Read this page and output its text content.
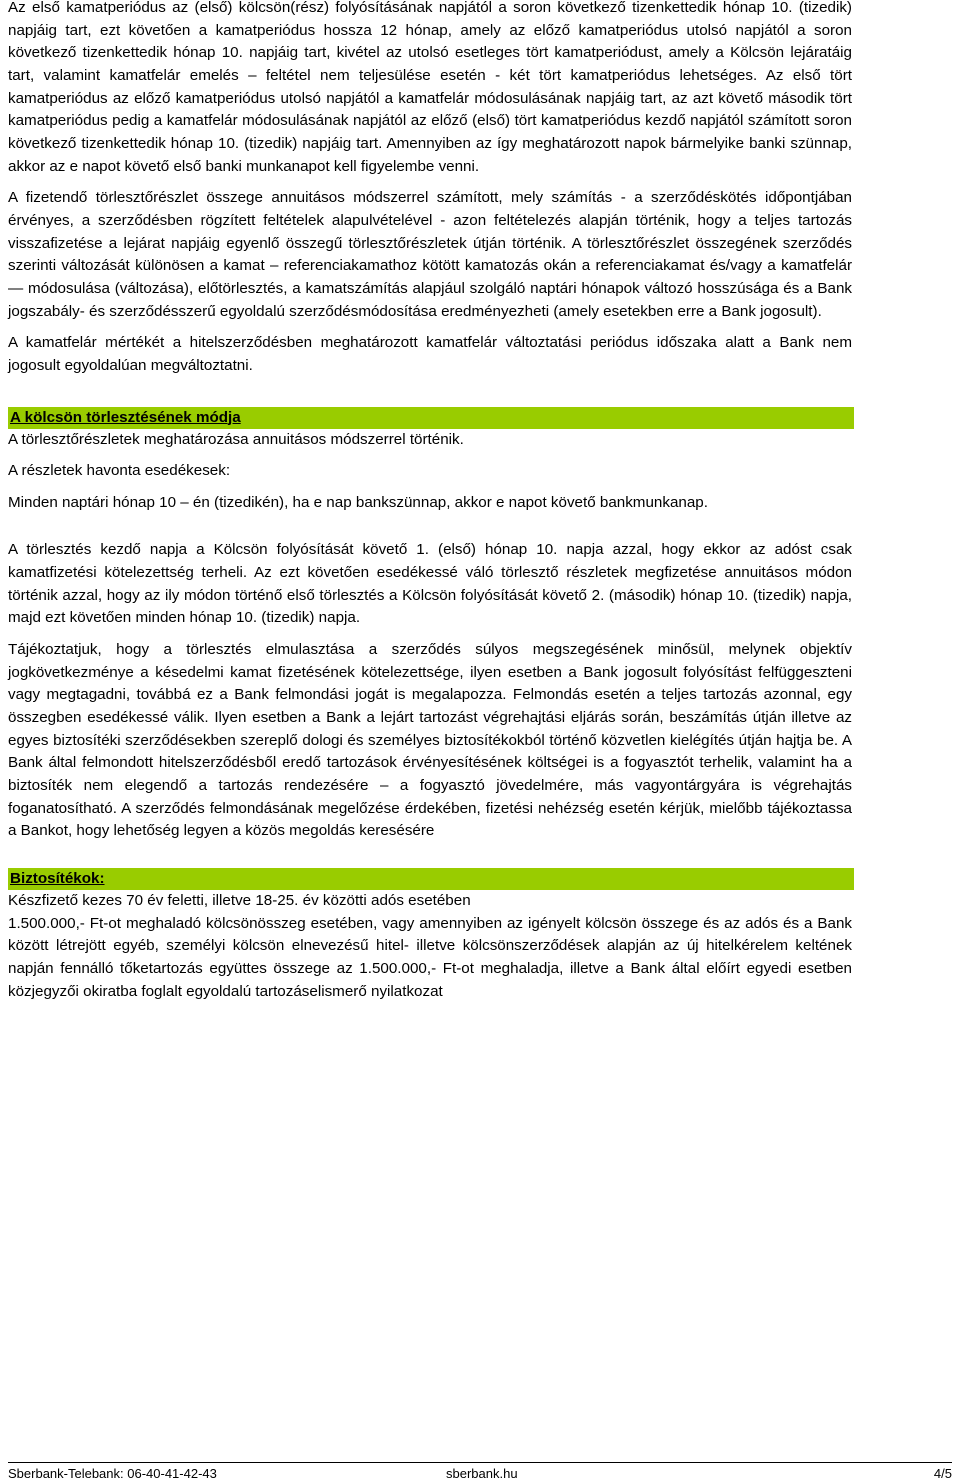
Az első kamatperiódus az (első) kölcsön(rész) folyósításának napjától a soron következő tizenkettedik hónap 10. (tizedik) napjáig tart, ezt követően a kamatperiódus hossza 12 hónap, amely az előző kamatperiódus utolsó napjától a soron következő tizenkettedik hónap 10. napjáig tart, kivétel az utolsó esetleges tört kamatperiódust, amely a Kölcsön lejáratáig tart, valamint kamatfelár emelés – feltétel nem teljesülése esetén - két tört kamatperiódus lehetséges. Az első tört kamatperiódus az előző kamatperiódus utolsó napjától a kamatfelár módosulásának napjáig tart, az azt követő második tört kamatperiódus pedig a kamatfelár módosulásának napjától az előző (első) tört kamatperiódus kezdő napjától számított soron következő tizenkettedik hónap 10. (tizedik) napjáig tart. Amennyiben az így meghatározott napok bármelyike banki szünnap, akkor az e napot követő első banki munkanapot kell figyelembe venni.

A fizetendő törlesztőrészlet összege annuitásos módszerrel számított, mely számítás - a szerződéskötés időpontjában érvényes, a szerződésben rögzített feltételek alapulvételével - azon feltételezés alapján történik, hogy a teljes tartozás visszafizetése a lejárat napjáig egyenlő összegű törlesztőrészletek útján történik. A törlesztőrészlet összegének szerződés szerinti változását különösen a kamat – referenciakamathoz kötött kamatozás okán a referenciakamat és/vagy a kamatfelár — módosulása (változása), előtörlesztés, a kamatszámítás alapjául szolgáló naptári hónapok változó hosszúsága és a Bank jogszabály- és szerződésszerű egyoldalú szerződésmódosítása eredményezheti (amely esetekben erre a Bank jogosult).

A kamatfelár mértékét a hitelszerződésben meghatározott kamatfelár változtatási periódus időszaka alatt a Bank nem jogosult egyoldalúan megváltoztatni.

A kölcsön törlesztésének módja

A törlesztőrészletek meghatározása annuitásos módszerrel történik.

A részletek havonta esedékesek:

Minden naptári hónap 10 – én (tizedikén), ha e nap bankszünnap, akkor e napot követő bankmunkanap.

A törlesztés kezdő napja a Kölcsön folyósítását követő 1. (első) hónap 10. napja azzal, hogy ekkor az adóst csak kamatfizetési kötelezettség terheli. Az ezt követően esedékessé váló törlesztő részletek megfizetése annuitásos módon történik azzal, hogy az ily módon történő első törlesztés a Kölcsön folyósítását követő 2. (második) hónap 10. (tizedik) napja, majd ezt követően minden hónap 10. (tizedik) napja.

Tájékoztatjuk, hogy a törlesztés elmulasztása a szerződés súlyos megszegésének minősül, melynek objektív jogkövetkezménye a késedelmi kamat fizetésének kötelezettsége, ilyen esetben a Bank jogosult folyósítást felfüggeszteni vagy megtagadni, továbbá ez a Bank felmondási jogát is megalapozza. Felmondás esetén a teljes tartozás azonnal, egy összegben esedékessé válik. Ilyen esetben a Bank a lejárt tartozást végrehajtási eljárás során, beszámítás útján illetve az egyes biztosítéki szerződésekben szereplő dologi és személyes biztosítékokból történő közvetlen kielégítés útján hajtja be. A Bank által felmondott hitelszerződésből eredő tartozások érvényesítésének költségei is a fogyasztót terhelik, valamint ha a biztosíték nem elegendő a tartozás rendezésére – a fogyasztó jövedelmére, más vagyontárgyára is végrehajtás foganatosítható. A szerződés felmondásának megelőzése érdekében, fizetési nehézség esetén kérjük, mielőbb tájékoztassa a Bankot, hogy lehetőség legyen a közös megoldás keresésére

Biztosítékok:

Készfizető kezes 70 év feletti, illetve 18-25. év közötti adós esetében

1.500.000,- Ft-ot meghaladó kölcsönösszeg esetében, vagy amennyiben az igényelt kölcsön összege és az adós és a Bank között létrejött egyéb, személyi kölcsön elnevezésű hitel- illetve kölcsönszerződések alapján az új hitelkérelem keltének napján fennálló tőketartozás együttes összege az 1.500.000,- Ft-ot meghaladja, illetve a Bank által előírt egyedi esetben közjegyzői okiratba foglalt egyoldalú tartozáselismerő nyilatkozat

Sberbank-Telebank: 06-40-41-42-43	sberbank.hu	4/5
